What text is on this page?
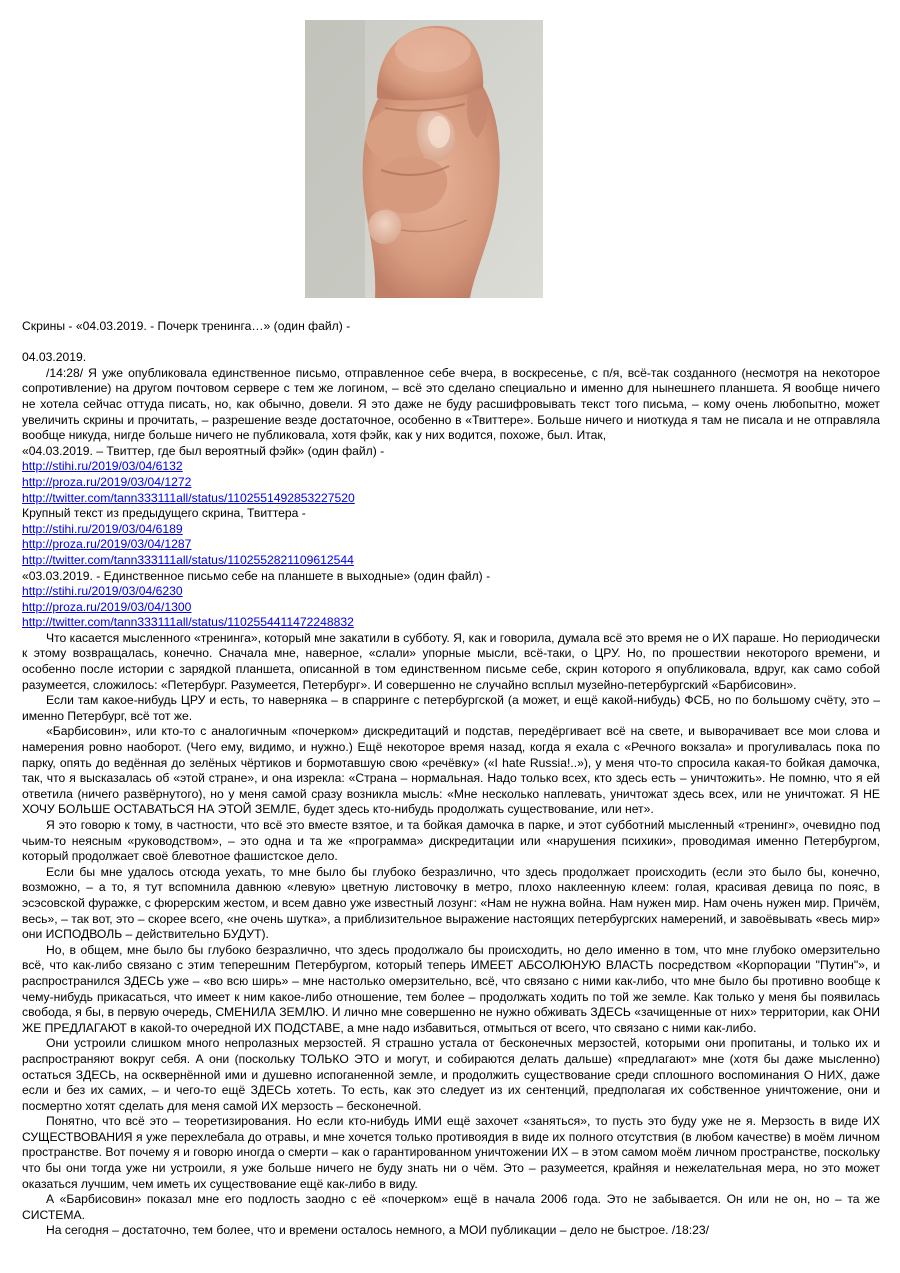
Скрины - «04.03.2019. - Почерк тренинга…» (один файл) -

04.03.2019.

/14:28/ Я уже опубликовала единственное письмо, отправленное себе вчера, в воскресенье, с п/я, всё-так созданного (несмотря на некоторое сопротивление) на другом почтовом сервере с тем же логином, – всё это сделано специально и именно для нынешнего планшета. Я вообще ничего не хотела сейчас оттуда писать, но, как обычно, довели. Я это даже не буду расшифровывать текст того письма, – кому очень любопытно, может увеличить скрины и прочитать, – разрешение везде достаточное, особенно в «Твиттере». Больше ничего и ниоткуда я там не писала и не отправляла вообще никуда, нигде больше ничего не публиковала, хотя фэйк, как у них водится, похоже, был. Итак,

«04.03.2019. – Твиттер, где был вероятный фэйк» (один файл) -

http://stihi.ru/2019/03/04/6132

http://proza.ru/2019/03/04/1272

http://twitter.com/tann333111all/status/1102551492853227520

Крупный текст из предыдущего скрина, Твиттера -

http://stihi.ru/2019/03/04/6189

http://proza.ru/2019/03/04/1287

http://twitter.com/tann333111all/status/1102552821109612544

«03.03.2019. - Единственное письмо себе на планшете в выходные» (один файл) -

http://stihi.ru/2019/03/04/6230

http://proza.ru/2019/03/04/1300

http://twitter.com/tann333111all/status/1102554411472248832

Что касается мысленного «тренинга», который мне закатили в субботу. Я, как и говорила, думала всё это время не о ИХ параше. Но периодически к этому возвращалась, конечно. Сначала мне, наверное, «слали» упорные мысли, всё-таки, о ЦРУ. Но, по прошествии некоторого времени, и особенно после истории с зарядкой планшета, описанной в том единственном письме себе, скрин которого я опубликовала, вдруг, как само собой разумеется, сложилось: «Петербург. Разумеется, Петербург». И совершенно не случайно всплыл музейно-петербургский «Барбисовин».

Если там какое-нибудь ЦРУ и есть, то наверняка – в спарринге с петербургской (а может, и ещё какой-нибудь) ФСБ, но по большому счёту, это – именно Петербург, всё тот же.

«Барбисовин», или кто-то с аналогичным «почерком» дискредитаций и подстав, передёргивает всё на свете, и выворачивает все мои слова и намерения ровно наоборот. (Чего ему, видимо, и нужно.) Ещё некоторое время назад, когда я ехала с «Речного вокзала» и прогуливалась пока по парку, опять до ведённая до зелёных чёртиков и бормотавшую свою «речёвку» («I hate Russia!..»), у меня что-то спросила какая-то бойкая дамочка, так, что я высказалась об «этой стране», и она изрекла: «Страна – нормальная. Надо только всех, кто здесь есть – уничтожить». Не помню, что я ей ответила (ничего развёрнутого), но у меня самой сразу возникла мысль: «Мне несколько наплевать, уничтожат здесь всех, или не уничтожат. Я НЕ ХОЧУ БОЛЬШЕ ОСТАВАТЬСЯ НА ЭТОЙ ЗЕМЛЕ, будет здесь кто-нибудь продолжать существование, или нет».

Я это говорю к тому, в частности, что всё это вместе взятое, и та бойкая дамочка в парке, и этот субботний мысленный «тренинг», очевидно под чьим-то неясным «руководством», – это одна и та же «программа» дискредитации или «нарушения психики», проводимая именно Петербургом, который продолжает своё блевотное фашистское дело.

Если бы мне удалось отсюда уехать, то мне было бы глубоко безразлично, что здесь продолжает происходить (если это было бы, конечно, возможно, – а то, я тут вспомнила давнюю «левую» цветную листовочку в метро, плохо наклеенную клеем: голая, красивая девица по пояс, в эсэсовской фуражке, с фюрерским жестом, и всем давно уже известный лозунг: «Нам не нужна война. Нам нужен мир. Нам очень нужен мир. Причём, весь», – так вот, это – скорее всего, «не очень шутка», а приблизительное выражение настоящих петербургских намерений, и завоёвывать «весь мир» они ИСПОДВОЛЬ – действительно БУДУТ).

Но, в общем, мне было бы глубоко безразлично, что здесь продолжало бы происходить, но дело именно в том, что мне глубоко омерзительно всё, что как-либо связано с этим теперешним Петербургом, который теперь ИМЕЕТ АБСОЛЮНУЮ ВЛАСТЬ посредством «Корпорации "Путин"», и распространился ЗДЕСЬ уже – «во всю ширь» – мне настолько омерзительно, всё, что связано с ними как-либо, что мне было бы противно вообще к чему-нибудь прикасаться, что имеет к ним какое-либо отношение, тем более – продолжать ходить по той же земле. Как только у меня бы появилась свобода, я бы, в первую очередь, СМЕНИЛА ЗЕМЛЮ. И лично мне совершенно не нужно обживать ЗДЕСЬ «зачищенные от них» территории, как ОНИ ЖЕ ПРЕДЛАГАЮТ в какой-то очередной ИХ ПОДСТАВЕ, а мне надо избавиться, отмыться от всего, что связано с ними как-либо.

Они устроили слишком много непролазных мерзостей. Я страшно устала от бесконечных мерзостей, которыми они пропитаны, и только их и распространяют вокруг себя. А они (поскольку ТОЛЬКО ЭТО и могут, и собираются делать дальше) «предлагают» мне (хотя бы даже мысленно) остаться ЗДЕСЬ, на осквернённой ими и душевно испоганенной земле, и продолжить существование среди сплошного воспоминания О НИХ, даже если и без их самих, – и чего-то ещё ЗДЕСЬ хотеть. То есть, как это следует из их сентенций, предполагая их собственное уничтожение, они и посмертно хотят сделать для меня самой ИХ мерзость – бесконечной.

Понятно, что всё это – теоретизирования. Но если кто-нибудь ИМИ ещё захочет «заняться», то пусть это буду уже не я. Мерзость в виде ИХ СУЩЕСТВОВАНИЯ я уже перехлебала до отравы, и мне хочется только противоядия в виде их полного отсутствия (в любом качестве) в моём личном пространстве. Вот почему я и говорю иногда о смерти – как о гарантированном уничтожении ИХ – в этом самом моём личном пространстве, поскольку что бы они тогда уже ни устроили, я уже больше ничего не буду знать ни о чём. Это – разумеется, крайняя и нежелательная мера, но это может оказаться лучшим, чем иметь их существование ещё как-либо в виду.

А «Барбисовин» показал мне его подлость заодно с её «почерком» ещё в начала 2006 года. Это не забывается. Он или не он, но – та же СИСТЕМА.

На сегодня – достаточно, тем более, что и времени осталось немного, а МОИ публикации – дело не быстрое. /18:23/
